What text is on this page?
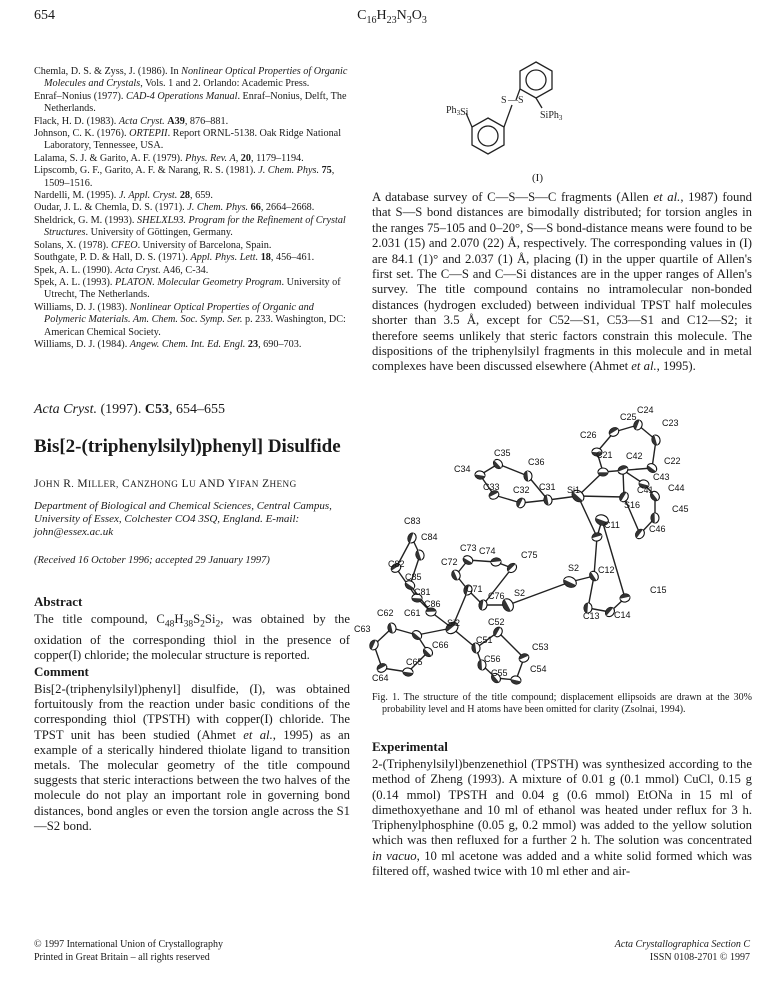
654	$C_{16}H_{23}N_3O_3$
Chemla, D. S. & Zyss, J. (1986). In Nonlinear Optical Properties of Organic Molecules and Crystals, Vols. 1 and 2. Orlando: Academic Press.
Enraf–Nonius (1977). CAD-4 Operations Manual. Enraf–Nonius, Delft, The Netherlands.
Flack, H. D. (1983). Acta Cryst. A39, 876–881.
Johnson, C. K. (1976). ORTEPII. Report ORNL-5138. Oak Ridge National Laboratory, Tennessee, USA.
Lalama, S. J. & Garito, A. F. (1979). Phys. Rev. A, 20, 1179–1194.
Lipscomb, G. F., Garito, A. F. & Narang, R. S. (1981). J. Chem. Phys. 75, 1509–1516.
Nardelli, M. (1995). J. Appl. Cryst. 28, 659.
Oudar, J. L. & Chemla, D. S. (1971). J. Chem. Phys. 66, 2664–2668.
Sheldrick, G. M. (1993). SHELXL93. Program for the Refinement of Crystal Structures. University of Göttingen, Germany.
Solans, X. (1978). CFEO. University of Barcelona, Spain.
Southgate, P. D. & Hall, D. S. (1971). Appl. Phys. Lett. 18, 456–461.
Spek, A. L. (1990). Acta Cryst. A46, C-34.
Spek, A. L. (1993). PLATON. Molecular Geometry Program. University of Utrecht, The Netherlands.
Williams, D. J. (1983). Nonlinear Optical Properties of Organic and Polymeric Materials. Am. Chem. Soc. Symp. Ser. p. 233. Washington, DC: American Chemical Society.
Williams, D. J. (1984). Angew. Chem. Int. Ed. Engl. 23, 690–703.
Acta Cryst. (1997). C53, 654–655
Bis[2-(triphenylsilyl)phenyl] Disulfide
JOHN R. MILLER, CANZHONG LU AND YIFAN ZHENG
Department of Biological and Chemical Sciences, Central Campus, University of Essex, Colchester CO4 3SQ, England. E-mail: john@essex.ac.uk
(Received 16 October 1996; accepted 29 January 1997)
Abstract
The title compound, $C_{48}H_{38}S_2Si_2$, was obtained by the oxidation of the corresponding thiol in the presence of copper(I) chloride; the molecular structure is reported.
Comment
Bis[2-(triphenylsilyl)phenyl] disulfide, (I), was obtained fortuitously from the reaction under basic conditions of the corresponding thiol (TPSTH) with copper(I) chloride. The TPST unit has been studied (Ahmet et al., 1995) as an example of a sterically hindered thiolate ligand to transition metals. The molecular geometry of the title compound suggests that steric interactions between the two halves of the molecule do not play an important role in governing bond distances, bond angles or even the torsion angle across the S1—S2 bond.
$Ph_3Si$
S — S
SiPh$_3$
(I)
A database survey of C—S—S—C fragments (Allen et al., 1987) found that S—S bond distances are bimodally distributed; for torsion angles in the ranges 75–105 and 0–20°, S—S bond-distance means were found to be 2.031 (15) and 2.070 (22) Å, respectively. The corresponding values in (I) are 84.1 (1)° and 2.037 (1) Å, placing (I) in the upper quartile of Allen's first set. The C—S and C—Si distances are in the upper ranges of Allen's survey. The title compound contains no intramolecular non-bonded distances (hydrogen excluded) between individual TPST half molecules shorter than 3.5 Å, except for C52—S1, C53—S1 and C12—S2; it therefore seems unlikely that steric factors constrain this molecule. The dispositions of the triphenylsilyl fragments in this molecule and in metal complexes have been discussed elsewhere (Ahmet et al., 1995).
C24
C25
C23
C26
C21 C42 C22
C43
C35
C36
C34
Si1	C41 C44
C33 C32 C31
C83
S16	C45
C84
C73 C74
C11	C46
C82	C72
C75
S2 C12
C85
C81	C71
C76 S2	C15
C86
C62 C61
Si2	C52
C13 C14
C63
C51
C66	C53
C65	C56
C54
C64	C55
Fig. 1. The structure of the title compound; displacement ellipsoids are drawn at the 30% probability level and H atoms have been omitted for clarity (Zsolnai, 1994).
Experimental
2-(Triphenylsilyl)benzenethiol (TPSTH) was synthesized according to the method of Zheng (1993). A mixture of 0.01 g (0.1 mmol) CuCl, 0.15 g (0.14 mmol) TPSTH and 0.04 g (0.6 mmol) EtONa in 15 ml of dimethoxyethane and 10 ml of ethanol was heated under reflux for 3 h. Triphenylphosphine (0.05 g, 0.2 mmol) was added to the yellow solution which was then refluxed for a further 2 h. The solution was concentrated in vacuo, 10 ml acetone was added and a white solid formed which was filtered off, washed twice with 10 ml ether and air-
© 1997 International Union of Crystallography
Printed in Great Britain – all rights reserved
Acta Crystallographica Section C
ISSN 0108-2701 © 1997
